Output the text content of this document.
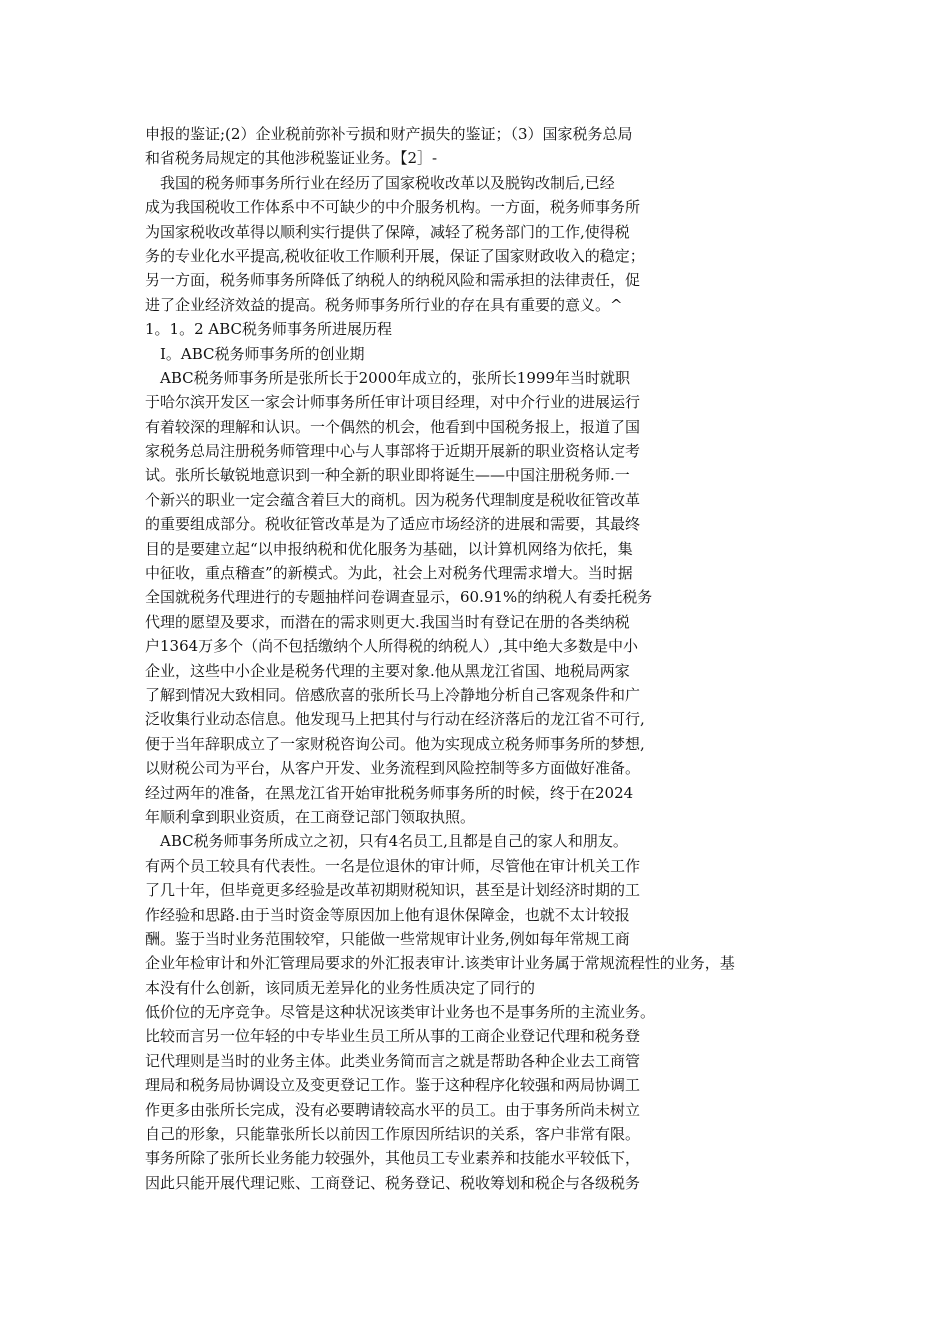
申报的鉴证;(2）企业税前弥补亏损和财产损失的鉴证；（3）国家税务总局
和省税务局规定的其他涉税鉴证业务。【2］-
　我国的税务师事务所行业在经历了国家税收改革以及脱钩改制后,已经
成为我国税收工作体系中不可缺少的中介服务机构。一方面，税务师事务所
为国家税收改革得以顺利实行提供了保障，减轻了税务部门的工作,使得税
务的专业化水平提高,税收征收工作顺利开展，保证了国家财政收入的稳定；
另一方面，税务师事务所降低了纳税人的纳税风险和需承担的法律责任，促
进了企业经济效益的提高。税务师事务所行业的存在具有重要的意义。^
1。1。2 ABC税务师事务所进展历程
　I。ABC税务师事务所的创业期
　ABC税务师事务所是张所长于2000年成立的，张所长1999年当时就职
于哈尔滨开发区一家会计师事务所任审计项目经理，对中介行业的进展运行
有着较深的理解和认识。一个偶然的机会，他看到中国税务报上，报道了国
家税务总局注册税务师管理中心与人事部将于近期开展新的职业资格认定考
试。张所长敏锐地意识到一种全新的职业即将诞生——中国注册税务师.一
个新兴的职业一定会蕴含着巨大的商机。因为税务代理制度是税收征管改革
的重要组成部分。税收征管改革是为了适应市场经济的进展和需要，其最终
目的是要建立起“以申报纳税和优化服务为基础，以计算机网络为依托，集
中征收，重点稽查”的新模式。为此，社会上对税务代理需求增大。当时据
全国就税务代理进行的专题抽样问卷调查显示，60.91%的纳税人有委托税务
代理的愿望及要求，而潜在的需求则更大.我国当时有登记在册的各类纳税
户1364万多个（尚不包括缴纳个人所得税的纳税人）,其中绝大多数是中小
企业，这些中小企业是税务代理的主要对象.他从黑龙江省国、地税局两家
了解到情况大致相同。倍感欣喜的张所长马上冷静地分析自己客观条件和广
泛收集行业动态信息。他发现马上把其付与行动在经济落后的龙江省不可行,
便于当年辞职成立了一家财税咨询公司。他为实现成立税务师事务所的梦想,
以财税公司为平台，从客户开发、业务流程到风险控制等多方面做好准备。
经过两年的准备，在黑龙江省开始审批税务师事务所的时候，终于在2024
年顺利拿到职业资质，在工商登记部门领取执照。
　ABC税务师事务所成立之初，只有4名员工,且都是自己的家人和朋友。
有两个员工较具有代表性。一名是位退休的审计师，尽管他在审计机关工作
了几十年，但毕竟更多经验是改革初期财税知识，甚至是计划经济时期的工
作经验和思路.由于当时资金等原因加上他有退休保障金，也就不太计较报
酬。鉴于当时业务范围较窄，只能做一些常规审计业务,例如每年常规工商
企业年检审计和外汇管理局要求的外汇报表审计.该类审计业务属于常规流程性的业务，基
本没有什么创新，该同质无差异化的业务性质决定了同行的
低价位的无序竞争。尽管是这种状况该类审计业务也不是事务所的主流业务。
比较而言另一位年轻的中专毕业生员工所从事的工商企业登记代理和税务登
记代理则是当时的业务主体。此类业务简而言之就是帮助各种企业去工商管
理局和税务局协调设立及变更登记工作。鉴于这种程序化较强和两局协调工
作更多由张所长完成，没有必要聘请较高水平的员工。由于事务所尚未树立
自己的形象，只能靠张所长以前因工作原因所结识的关系，客户非常有限。
事务所除了张所长业务能力较强外，其他员工专业素养和技能水平较低下，
因此只能开展代理记账、工商登记、税务登记、税收筹划和税企与各级税务
